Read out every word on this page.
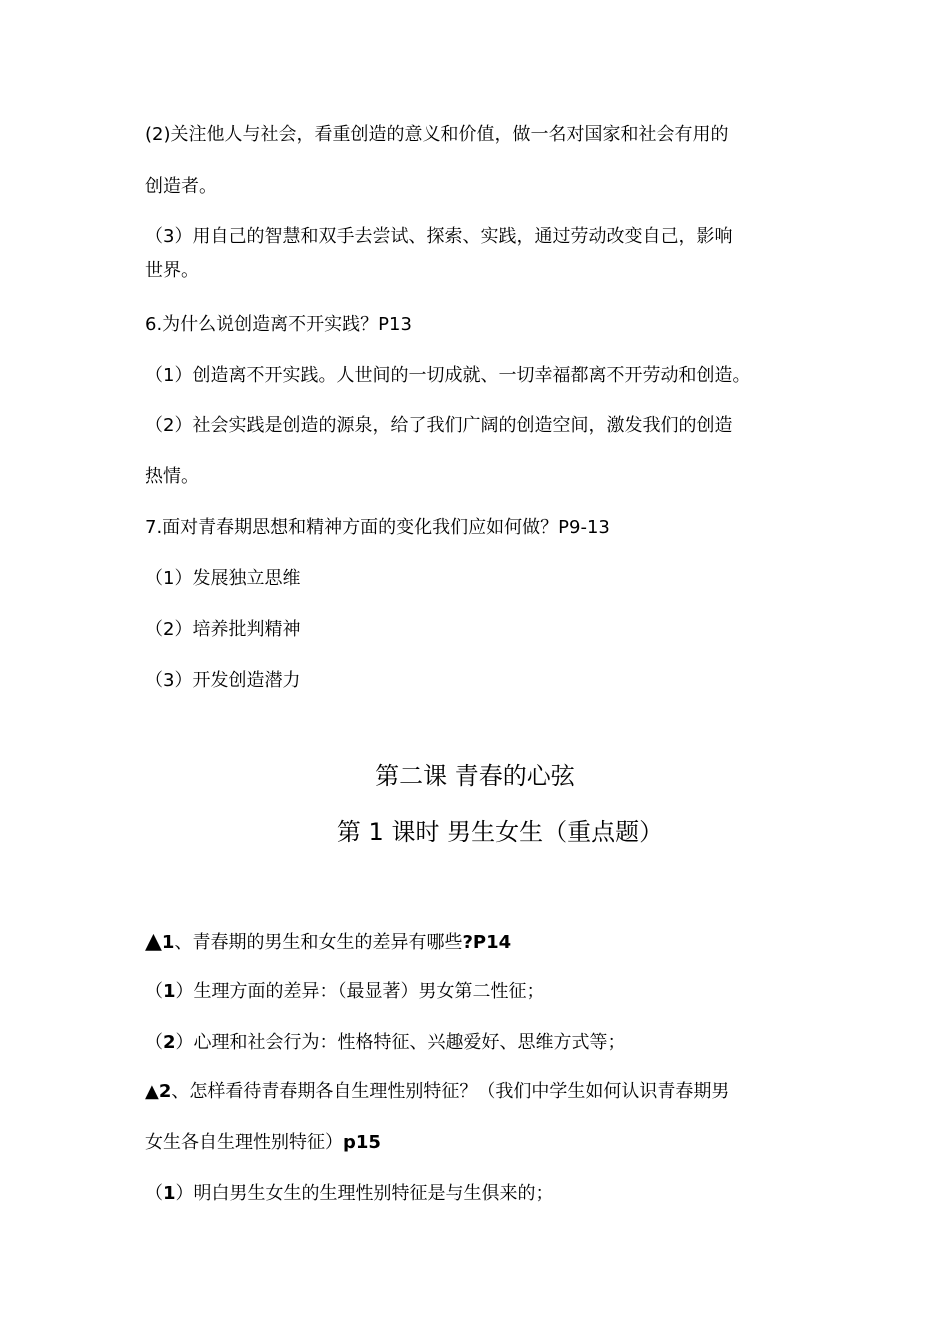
(2)关注他人与社会，看重创造的意义和价值，做一名对国家和社会有用的
创造者。
（3）用自己的智慧和双手去尝试、探索、实践，通过劳动改变自己，影响
世界。
6.为什么说创造离不开实践？P13
（1）创造离不开实践。人世间的一切成就、一切幸福都离不开劳动和创造。
（2）社会实践是创造的源泉，给了我们广阔的创造空间，激发我们的创造
热情。
7.面对青春期思想和精神方面的变化我们应如何做？P9-13
（1）发展独立思维
（2）培养批判精神
（3）开发创造潜力
第二课 青春的心弦
第 1 课时 男生女生（重点题）
▲1、青春期的男生和女生的差异有哪些?P14
（1）生理方面的差异：（最显著）男女第二性征；
（2）心理和社会行为：性格特征、兴趣爱好、思维方式等；
▲2、怎样看待青春期各自生理性别特征？（我们中学生如何认识青春期男
女生各自生理性别特征）p15
（1）明白男生女生的生理性别特征是与生俱来的；
